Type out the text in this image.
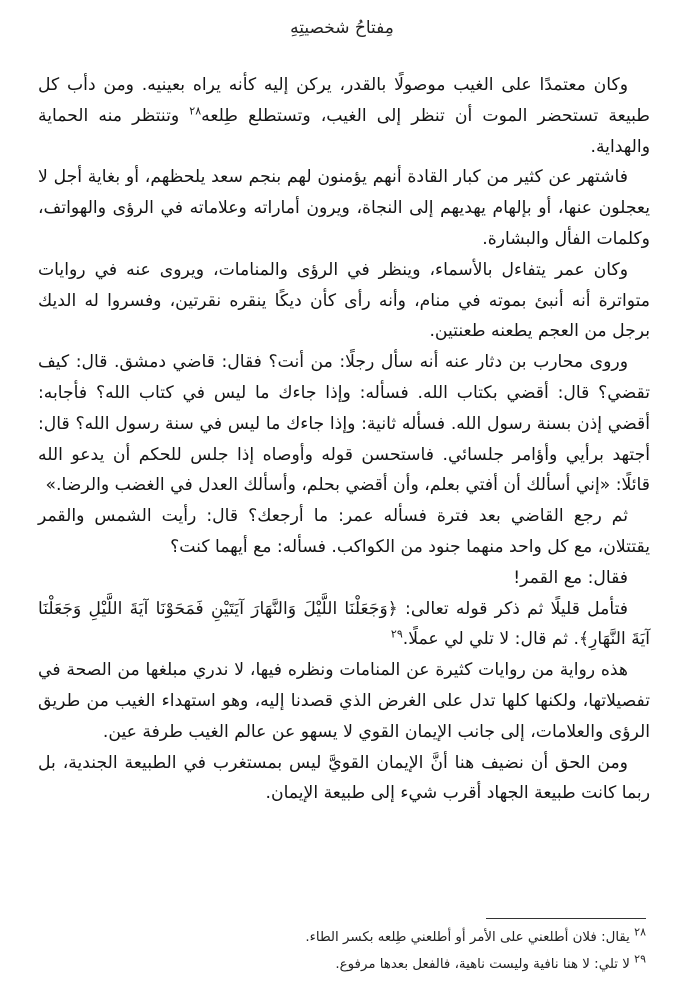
مِفتاحُ شخصيتِهِ

وكان معتمدًا على الغيب موصولًا بالقدر، يركن إليه كأنه يراه بعينيه. ومن دأب كل طبيعة تستحضر الموت أن تنظر إلى الغيب، وتستطلع طِلعه$^{٢٨}$ وتنتظر منه الحماية والهداية.

فاشتهر عن كثير من كبار القادة أنهم يؤمنون لهم بنجم سعد يلحظهم، أو بغاية أجل لا يعجلون عنها، أو بإلهام يهديهم إلى النجاة، ويرون أماراته وعلاماته في الرؤى والهواتف، وكلمات الفأل والبشارة.

وكان عمر يتفاءل بالأسماء، وينظر في الرؤى والمنامات، ويروى عنه في روايات متواترة أنه أنبئ بموته في منام، وأنه رأى كأن ديكًا ينقره نقرتين، وفسروا له الديك برجل من العجم يطعنه طعنتين.

وروى محارب بن دثار عنه أنه سأل رجلًا: من أنت؟ فقال: قاضي دمشق. قال: كيف تقضي؟ قال: أقضي بكتاب الله. فسأله: وإذا جاءك ما ليس في كتاب الله؟ فأجابه: أقضي إذن بسنة رسول الله. فسأله ثانية: وإذا جاءك ما ليس في سنة رسول الله؟ قال: أجتهد برأيي وأؤامر جلسائي. فاستحسن قوله وأوصاه إذا جلس للحكم أن يدعو الله قائلًا: «إني أسألك أن أفتي بعلم، وأن أقضي بحلم، وأسألك العدل في الغضب والرضا.»

ثم رجع القاضي بعد فترة فسأله عمر: ما أرجعك؟ قال: رأيت الشمس والقمر يقتتلان، مع كل واحد منهما جنود من الكواكب. فسأله: مع أيهما كنت؟

فقال: مع القمر!

فتأمل قليلًا ثم ذكر قوله تعالى: ﴿وَجَعَلْنَا اللَّيْلَ وَالنَّهَارَ آيَتَيْنِ فَمَحَوْنَا آيَةَ اللَّيْلِ وَجَعَلْنَا آيَةَ النَّهَارِ﴾. ثم قال: لا تلي لي عملًا.$^{٢٩}$

هذه رواية من روايات كثيرة عن المنامات ونظره فيها، لا ندري مبلغها من الصحة في تفصيلاتها، ولكنها كلها تدل على الغرض الذي قصدنا إليه، وهو استهداء الغيب من طريق الرؤى والعلامات، إلى جانب الإيمان القوي لا يسهو عن عالم الغيب طرفة عين.

ومن الحق أن نضيف هنا أنَّ الإيمان القويَّ ليس بمستغرب في الطبيعة الجندية، بل ربما كانت طبيعة الجهاد أقرب شيء إلى طبيعة الإيمان.

$^{٢٨}$ يقال: فلان أطلعني على الأمر أو أطلعني طِلعه بكسر الطاء.

$^{٢٩}$ لا تلي: لا هنا نافية وليست ناهية، فالفعل بعدها مرفوع.
